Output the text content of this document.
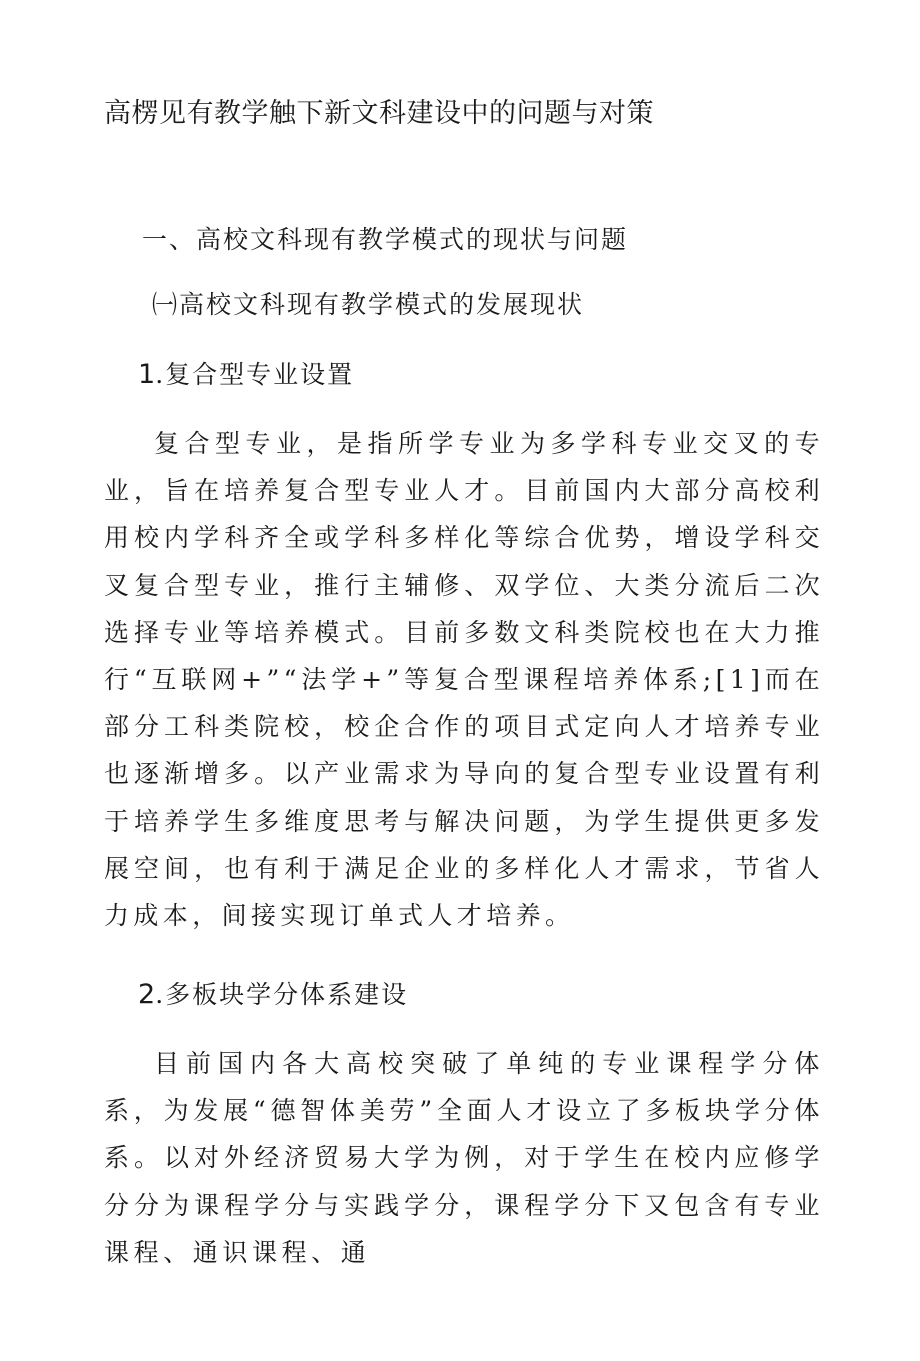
高楞见有教学触下新文科建设中的问题与对策
一、高校文科现有教学模式的现状与问题
㈠高校文科现有教学模式的发展现状
1.复合型专业设置

复合型专业，是指所学专业为多学科专业交叉的专业，旨在培养复合型专业人才。目前国内大部分高校利用校内学科齐全或学科多样化等综合优势，增设学科交叉复合型专业，推行主辅修、双学位、大类分流后二次选择专业等培养模式。目前多数文科类院校也在大力推行“互联网+”“法学+”等复合型课程培养体系;[1]而在部分工科类院校，校企合作的项目式定向人才培养专业也逐渐增多。以产业需求为导向的复合型专业设置有利于培养学生多维度思考与解决问题，为学生提供更多发展空间，也有利于满足企业的多样化人才需求，节省人力成本，间接实现订单式人才培养。

2.多板块学分体系建设

目前国内各大高校突破了单纯的专业课程学分体系，为发展“德智体美劳”全面人才设立了多板块学分体系。以对外经济贸易大学为例，对于学生在校内应修学分分为课程学分与实践学分，课程学分下又包含有专业课程、通识课程、通
